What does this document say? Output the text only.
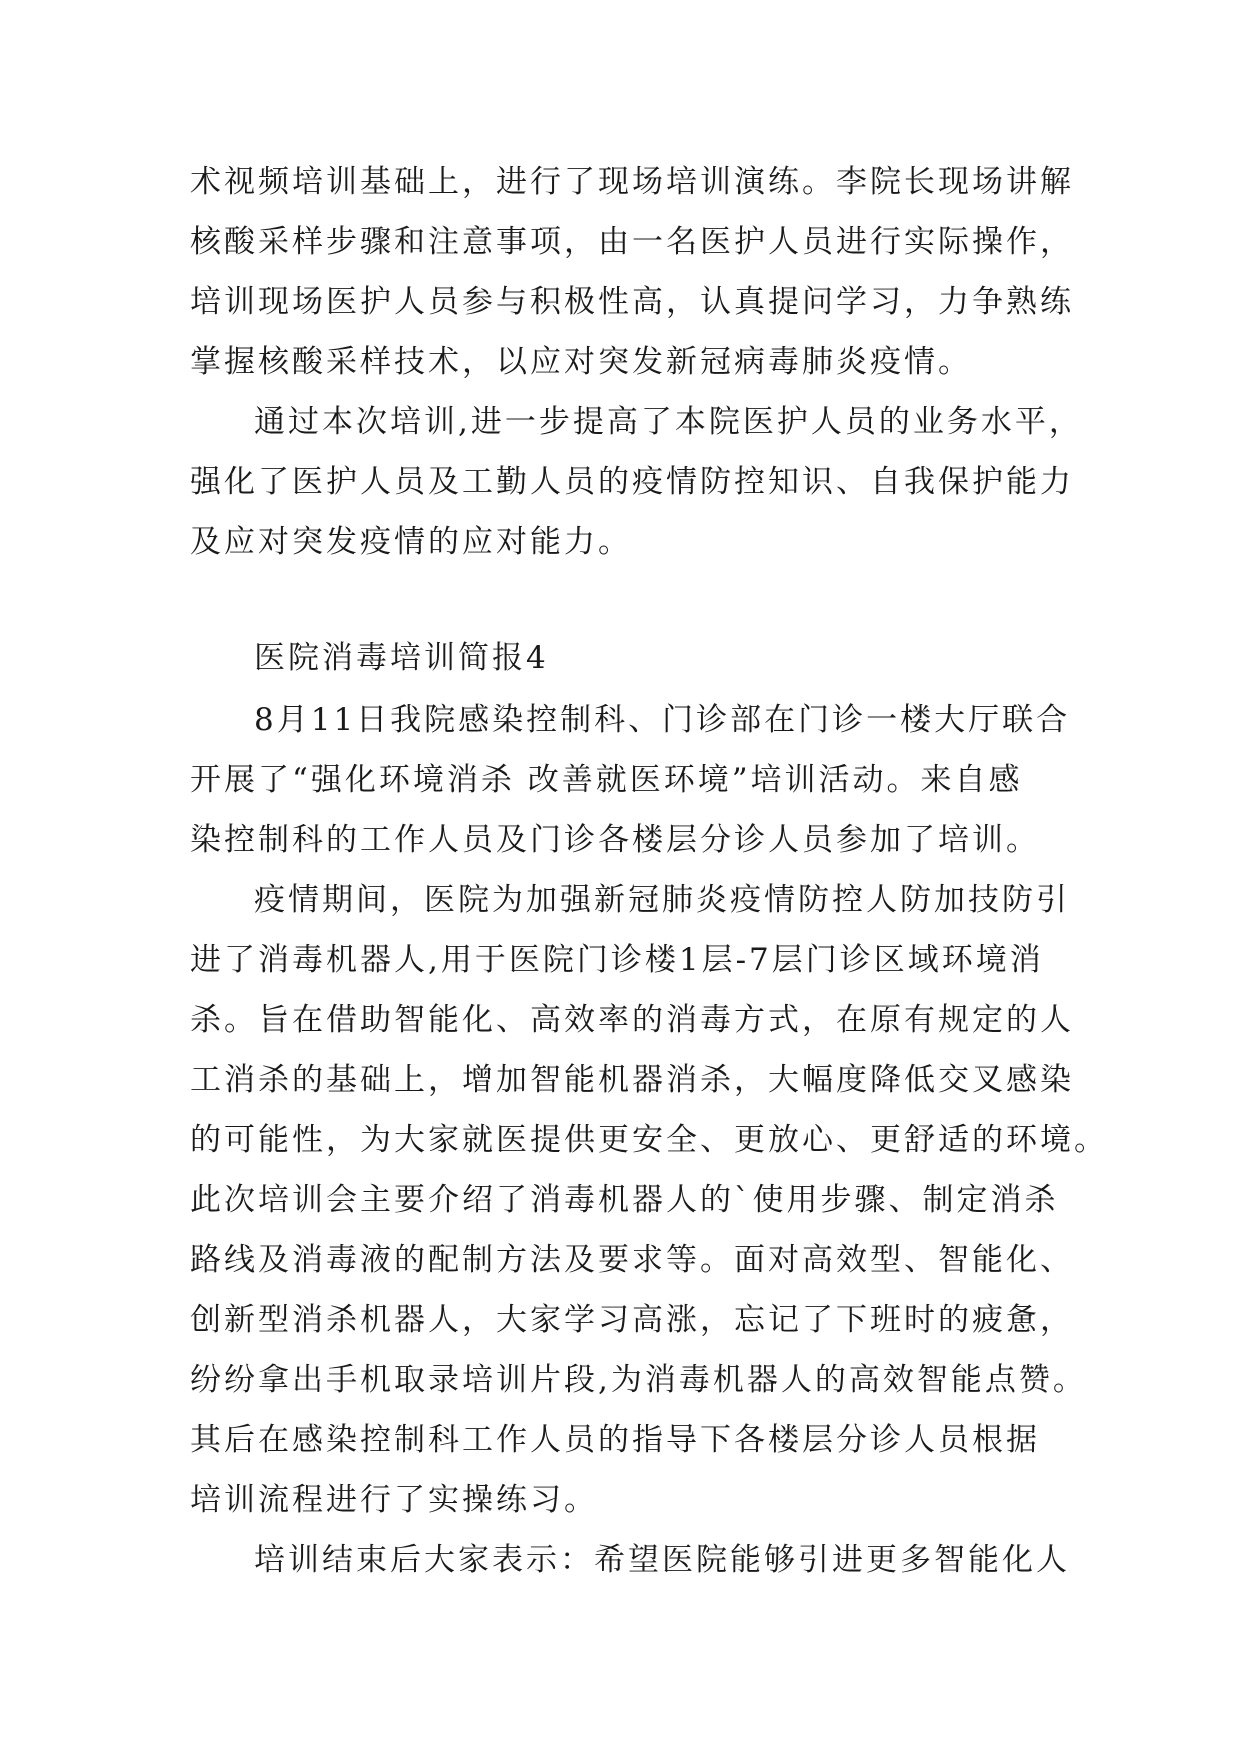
术视频培训基础上，进行了现场培训演练。李院长现场讲解
核酸采样步骤和注意事项，由一名医护人员进行实际操作，
培训现场医护人员参与积极性高，认真提问学习，力争熟练
掌握核酸采样技术，以应对突发新冠病毒肺炎疫情。
通过本次培训,进一步提高了本院医护人员的业务水平，
强化了医护人员及工勤人员的疫情防控知识、自我保护能力
及应对突发疫情的应对能力。
医院消毒培训简报4
8月11日我院感染控制科、门诊部在门诊一楼大厅联合
开展了“强化环境消杀 改善就医环境”培训活动。来自感
染控制科的工作人员及门诊各楼层分诊人员参加了培训。
疫情期间，医院为加强新冠肺炎疫情防控人防加技防引
进了消毒机器人,用于医院门诊楼1层-7层门诊区域环境消
杀。旨在借助智能化、高效率的消毒方式，在原有规定的人
工消杀的基础上，增加智能机器消杀，大幅度降低交叉感染
的可能性，为大家就医提供更安全、更放心、更舒适的环境。
此次培训会主要介绍了消毒机器人的`使用步骤、制定消杀
路线及消毒液的配制方法及要求等。面对高效型、智能化、
创新型消杀机器人，大家学习高涨，忘记了下班时的疲惫，
纷纷拿出手机取录培训片段,为消毒机器人的高效智能点赞。
其后在感染控制科工作人员的指导下各楼层分诊人员根据
培训流程进行了实操练习。
培训结束后大家表示：希望医院能够引进更多智能化人
